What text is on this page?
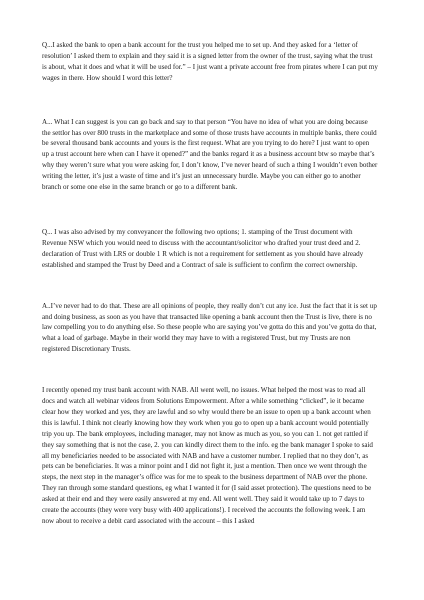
Q...I asked the bank to open a bank account for the trust you helped me to set up. And they asked for a ‘letter of resolution’ I asked them to explain and they said it is a signed letter from the owner of the trust, saying what the trust is about, what it does and what it will be used for.” – I just want a private account free from pirates where I can put my wages in there. How should I word this letter?

A... What I can suggest is you can go back and say to that person “You have no idea of what you are doing because the settlor has over 800 trusts in the marketplace and some of those trusts have accounts in multiple banks, there could be several thousand bank accounts and yours is the first request. What are you trying to do here? I just want to open up a trust account here when can I have it opened?” and the banks regard it as a business account btw so maybe that’s why they weren’t sure what you were asking for, I don’t know, I’ve never heard of such a thing I wouldn’t even bother writing the letter, it’s just a waste of time and it’s just an unnecessary hurdle. Maybe you can either go to another branch or some one else in the same branch or go to a different bank.

Q... I was also advised by my conveyancer the following two options; 1. stamping of the Trust document with Revenue NSW which you would need to discuss with the accountant/solicitor who drafted your trust deed and 2. declaration of Trust with LRS or double 1 R which is not a requirement for settlement as you should have already established and stamped the Trust by Deed and a Contract of sale is sufficient to confirm the correct ownership.

A..I’ve never had to do that. These are all opinions of people, they really don’t cut any ice. Just the fact that it is set up and doing business, as soon as you have that transacted like opening a bank account then the Trust is live, there is no law compelling you to do anything else. So these people who are saying you’ve gotta do this and you’ve gotta do that, what a load of garbage. Maybe in their world they may have to with a registered Trust, but my Trusts are non registered Discretionary Trusts.

I recently opened my trust bank account with NAB. All went well, no issues. What helped the most was to read all docs and watch all webinar videos from Solutions Empowerment. After a while something “clicked”, ie it became clear how they worked and yes, they are lawful and so why would there be an issue to open up a bank account when this is lawful. I think not clearly knowing how they work when you go to open up a bank account would potentially trip you up. The bank employees, including manager, may not know as much as you, so you can 1. not get rattled if they say something that is not the case, 2. you can kindly direct them to the info. eg the bank manager I spoke to said all my beneficiaries needed to be associated with NAB and have a customer number. I replied that no they don’t, as pets can be beneficiaries. It was a minor point and I did not fight it, just a mention. Then once we went through the steps, the next step in the manager’s office was for me to speak to the business department of NAB over the phone. They ran through some standard questions, eg what I wanted it for (I said asset protection). The questions need to be asked at their end and they were easily answered at my end. All went well. They said it would take up to 7 days to create the accounts (they were very busy with 400 applications!). I received the accounts the following week. I am now about to receive a debit card associated with the account – this I asked
